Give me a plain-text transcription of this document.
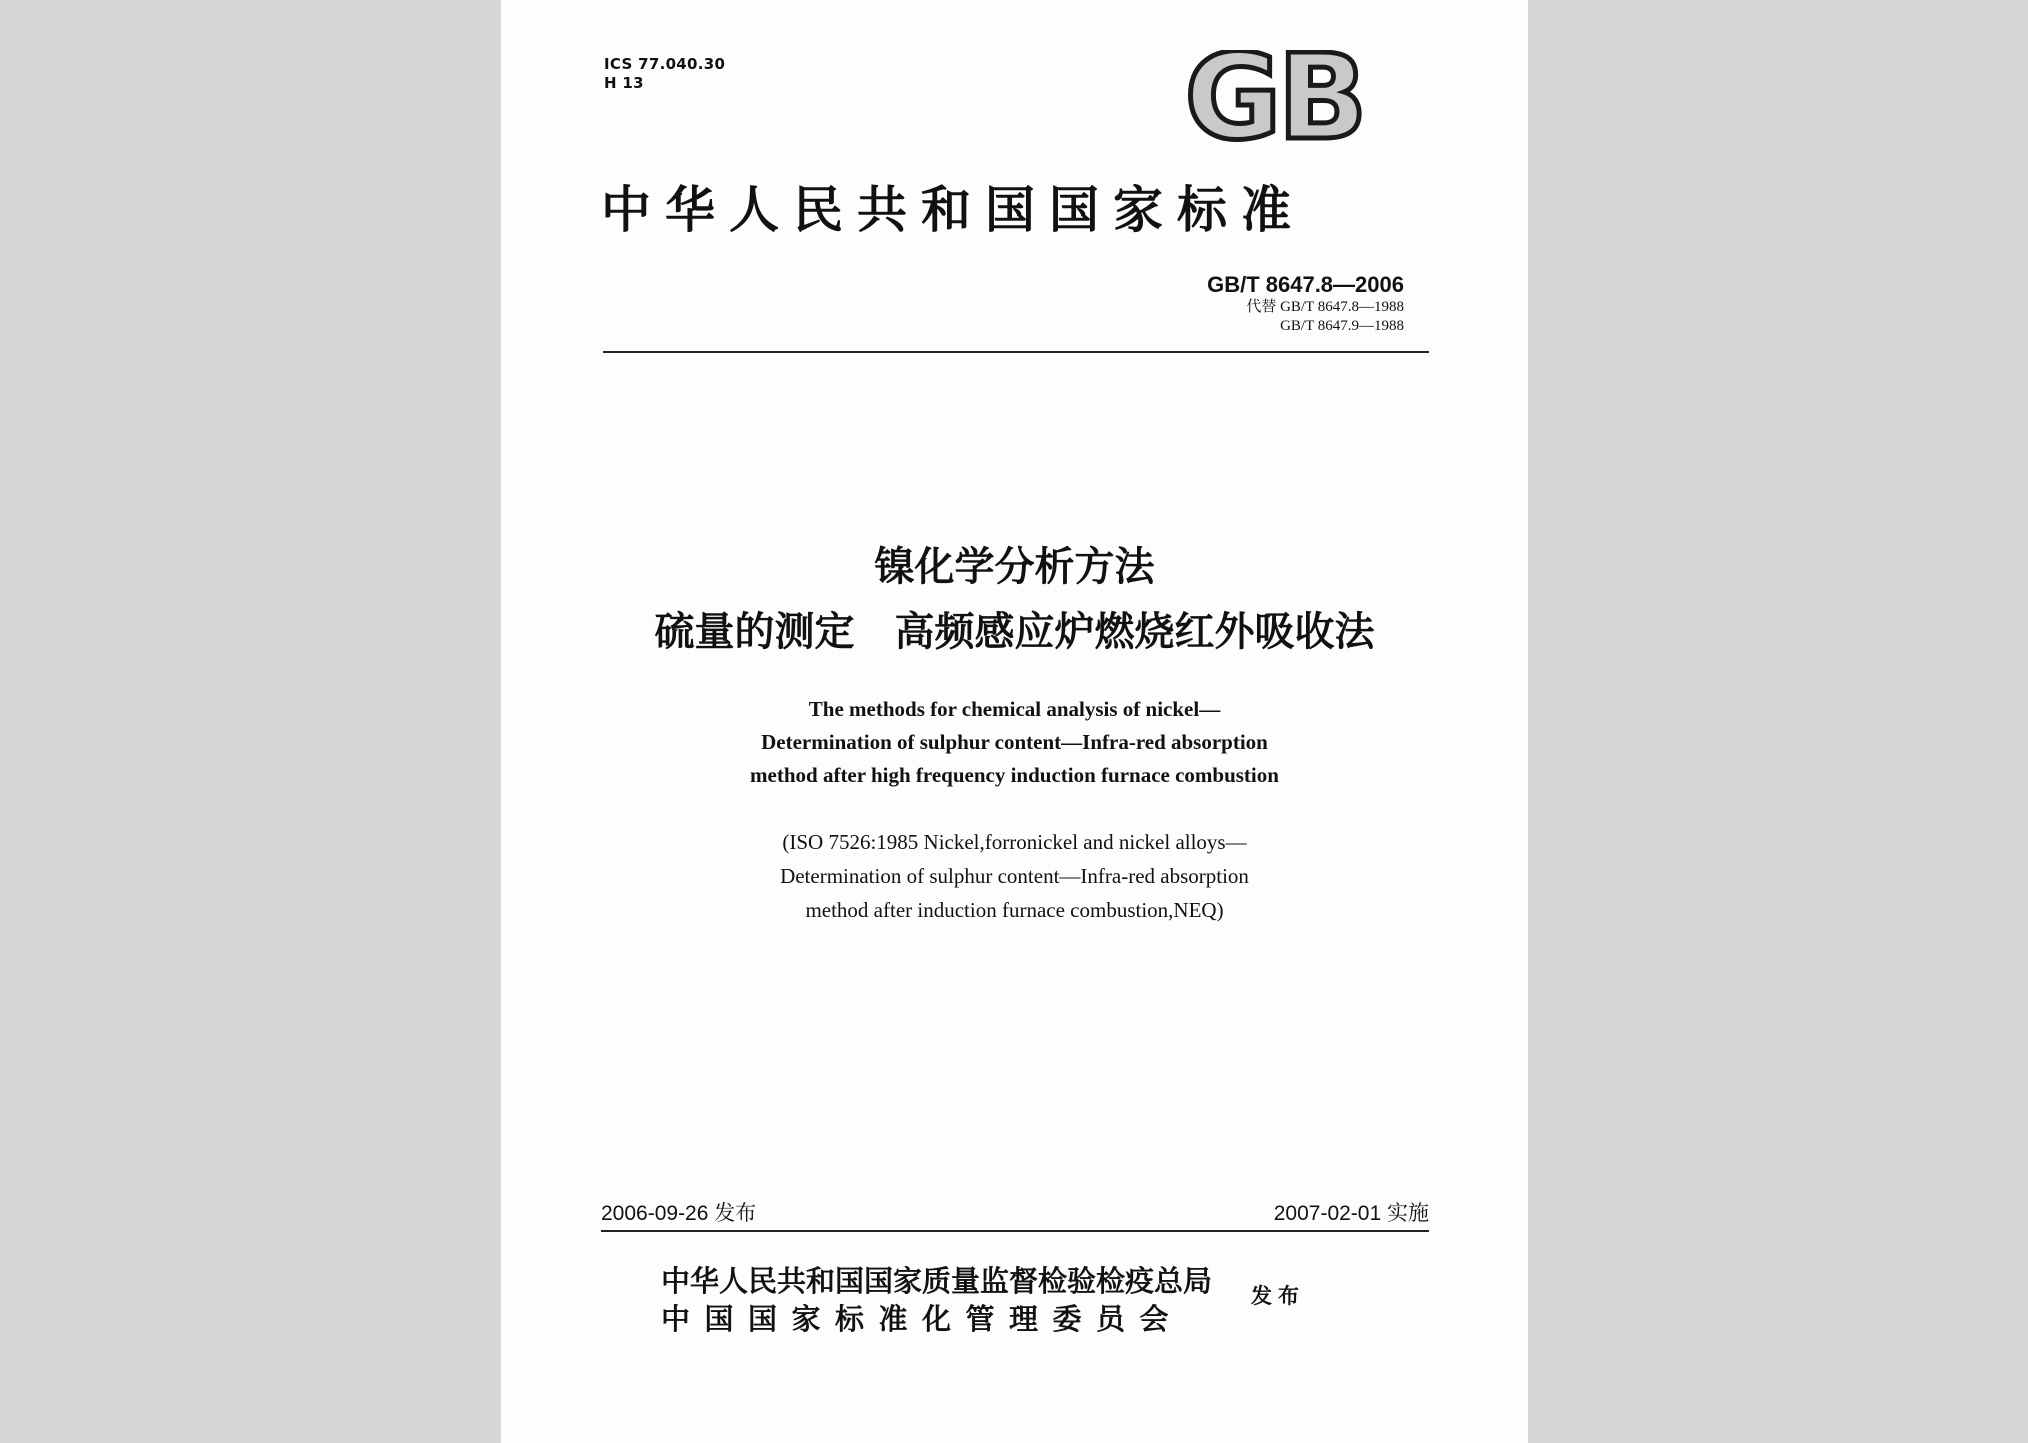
ICS 77.040.30
H 13	GB
中华人民共和国国家标准
GB/T 8647.8—2006
代替 GB/T 8647.8—1988
GB/T 8647.9—1988
镍化学分析方法
硫量的测定　高频感应炉燃烧红外吸收法
The methods for chemical analysis of nickel—
Determination of sulphur content—Infra-red absorption
method after high frequency induction furnace combustion
(ISO 7526:1985 Nickel,forronickel and nickel alloys—
Determination of sulphur content—Infra-red absorption
method after induction furnace combustion,NEQ)
2006-09-26 发布	2007-02-01 实施
中华人民共和国国家质量监督检验检疫总局
中国国家标准化管理委员会
发布
